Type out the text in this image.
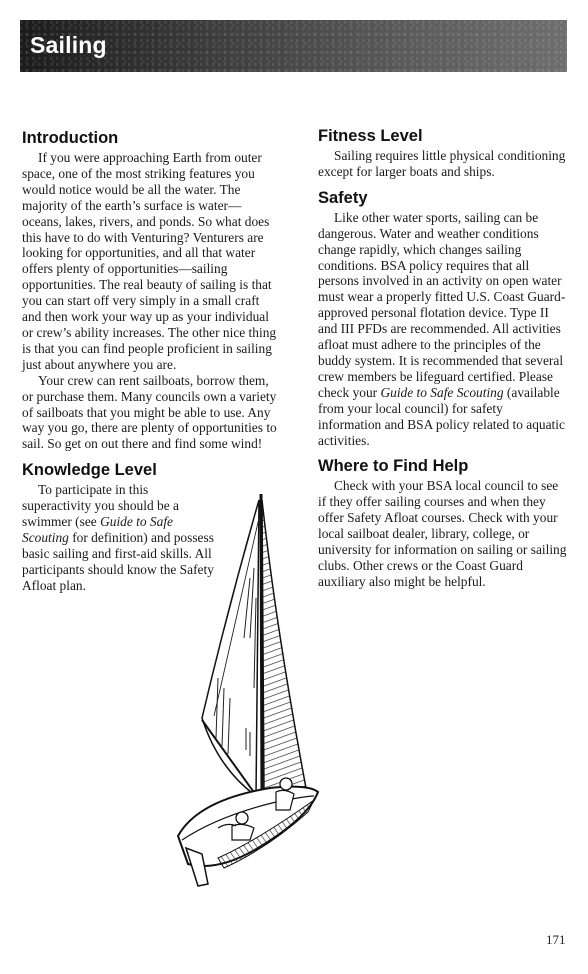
Sailing
Introduction

If you were approaching Earth from outer space, one of the most striking features you would notice would be all the water. The majority of the earth’s surface is water—oceans, lakes, rivers, and ponds. So what does this have to do with Venturing? Venturers are looking for opportunities, and all that water offers plenty of opportunities—sailing opportunities. The real beauty of sailing is that you can start off very simply in a small craft and then work your way up as your individual or crew’s ability increases. The other nice thing is that you can find people proficient in sailing just about anywhere you are.

Your crew can rent sailboats, borrow them, or purchase them. Many councils own a variety of sailboats that you might be able to use. Any way you go, there are plenty of opportunities to sail. So get on out there and find some wind!

Knowledge Level

To participate in this superactivity you should be a swimmer (see Guide to Safe Scouting for definition) and possess basic sailing and first-aid skills. All participants should know the Safety Afloat plan.

Fitness Level

Sailing requires little physical conditioning except for larger boats and ships.

Safety

Like other water sports, sailing can be dangerous. Water and weather conditions change rapidly, which changes sailing conditions. BSA policy requires that all persons involved in an activity on open water must wear a properly fitted U.S. Coast Guard-approved personal flotation device. Type II and III PFDs are recommended. All activities afloat must adhere to the principles of the buddy system. It is recommended that several crew members be lifeguard certified. Please check your Guide to Safe Scouting (available from your local council) for safety information and BSA policy related to aquatic activities.

Where to Find Help

Check with your BSA local council to see if they offer sailing courses and when they offer Safety Afloat courses. Check with your local sailboat dealer, library, college, or university for information on sailing or sailing clubs. Other crews or the Coast Guard auxiliary also might be helpful.

171
